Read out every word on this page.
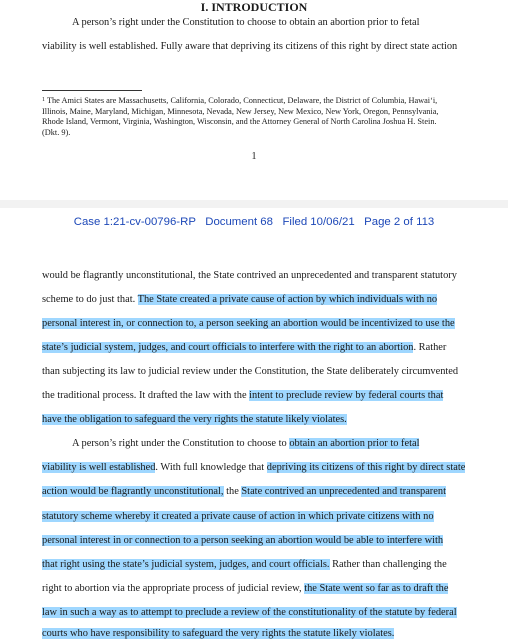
I. INTRODUCTION
A person’s right under the Constitution to choose to obtain an abortion prior to fetal
viability is well established. Fully aware that depriving its citizens of this right by direct state action
$^1$ The Amici States are Massachusetts, California, Colorado, Connecticut, Delaware, the District of Columbia, Hawai‘i, Illinois, Maine, Maryland, Michigan, Minnesota, Nevada, New Jersey, New Mexico, New York, Oregon, Pennsylvania, Rhode Island, Vermont, Virginia, Washington, Wisconsin, and the Attorney General of North Carolina Joshua H. Stein. (Dkt. 9).
1
Case 1:21-cv-00796-RP   Document 68   Filed 10/06/21   Page 2 of 113
would be flagrantly unconstitutional, the State contrived an unprecedented and transparent statutory
scheme to do just that. The State created a private cause of action by which individuals with no
personal interest in, or connection to, a person seeking an abortion would be incentivized to use the
state’s judicial system, judges, and court officials to interfere with the right to an abortion. Rather
than subjecting its law to judicial review under the Constitution, the State deliberately circumvented
the traditional process. It drafted the law with the intent to preclude review by federal courts that
have the obligation to safeguard the very rights the statute likely violates.
A person’s right under the Constitution to choose to obtain an abortion prior to fetal
viability is well established. With full knowledge that depriving its citizens of this right by direct state
action would be flagrantly unconstitutional, the State contrived an unprecedented and transparent
statutory scheme whereby it created a private cause of action in which private citizens with no
personal interest in or connection to a person seeking an abortion would be able to interfere with
that right using the state’s judicial system, judges, and court officials. Rather than challenging the
right to abortion via the appropriate process of judicial review, the State went so far as to draft the
law in such a way as to attempt to preclude a review of the constitutionality of the statute by federal
courts who have responsibility to safeguard the very rights the statute likely violates.
